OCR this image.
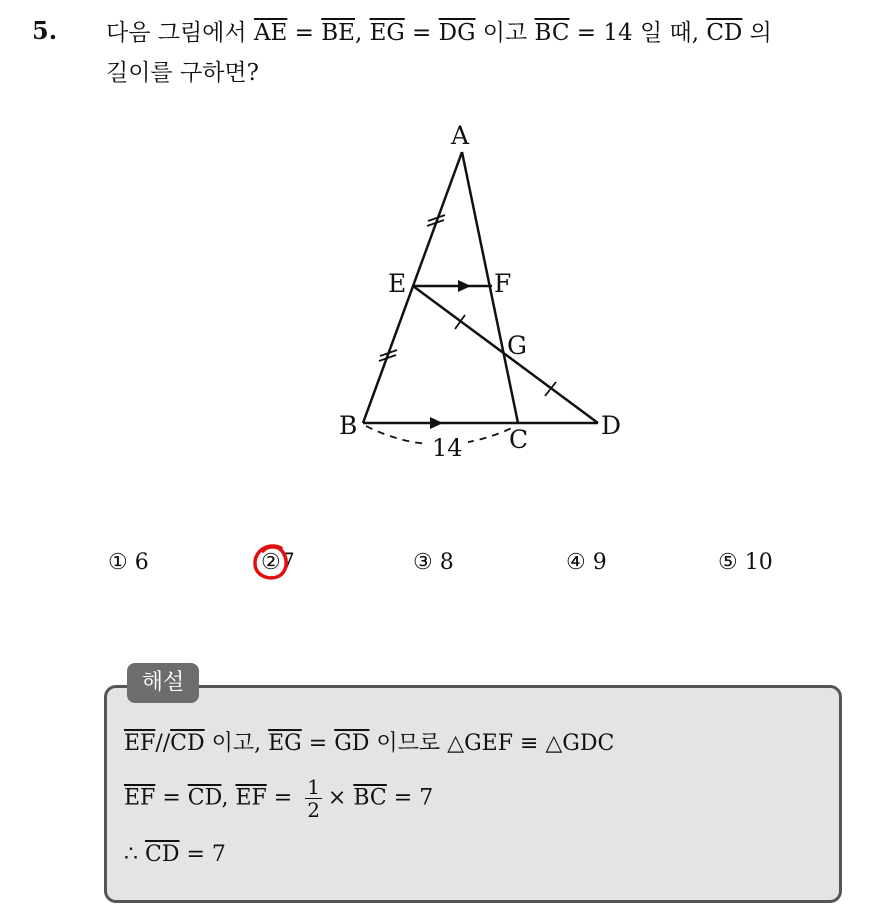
5. 다음 그림에서 $\overline{AE} = \overline{BE}$, $\overline{EG} = \overline{DG}$ 이고 $\overline{BC} = 14$ 일 때, $\overline{CD}$ 의
길이를 구하면?
A
E	F
G
B	C	D
14
① 6	②7	③ 8	④ 9	⑤ 10
해설
$\overline{EF}//\overline{CD}$ 이고, $\overline{EG} = \overline{GD}$ 이므로 △GEF ≡ △GDC
$\overline{EF} = \overline{CD}$, $\overline{EF} = \frac{1}{2} \times \overline{BC} = 7$
∴ $\overline{CD} = 7$
